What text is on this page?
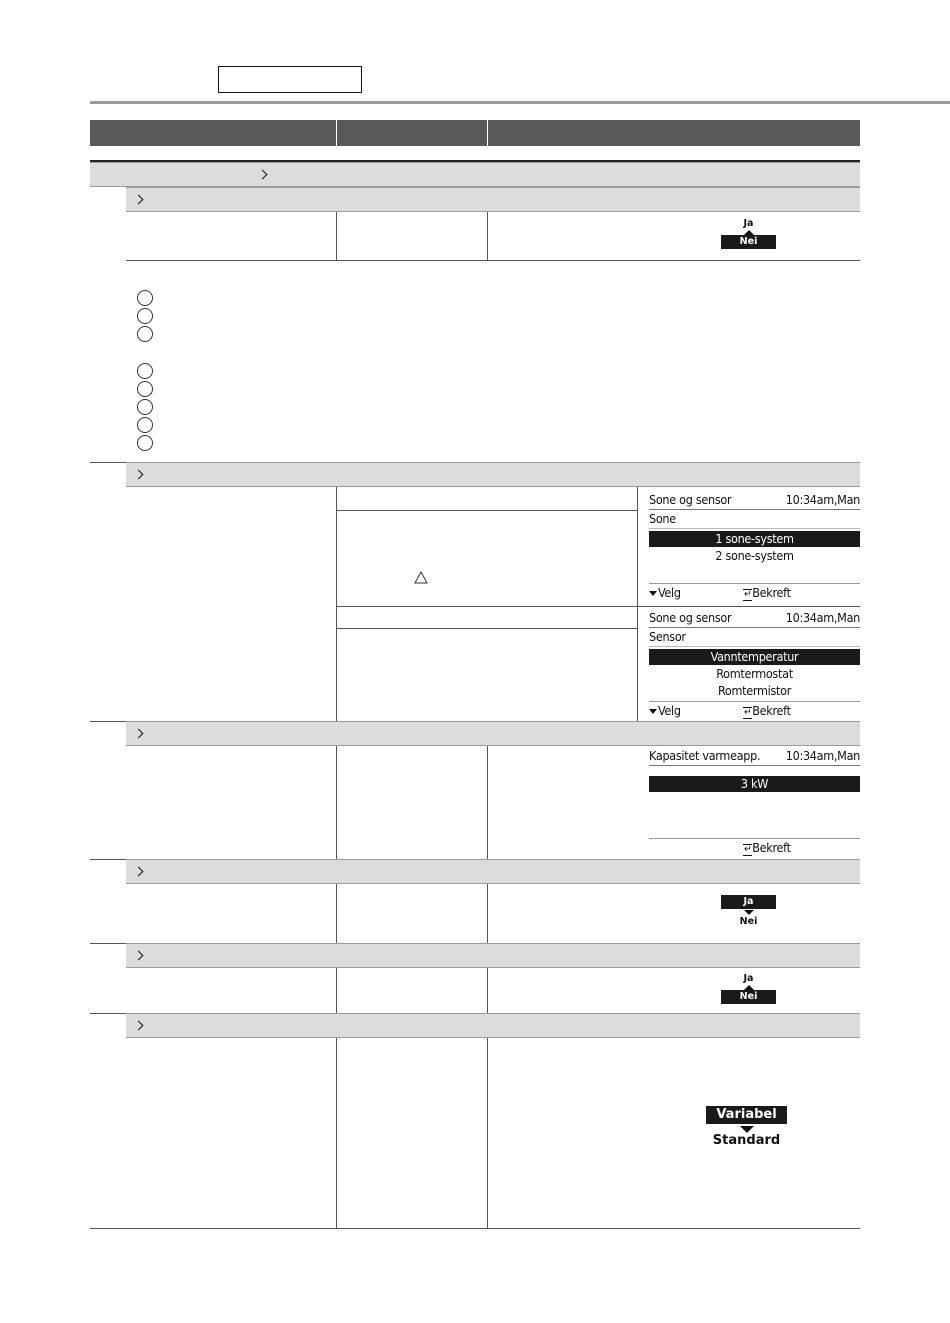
Ja
Nei
Sone og sensor	10:34am,Man
Sone
1 sone-system
2 sone-system
Velg	↵Bekreft
Sone og sensor	10:34am,Man
Sensor
Vanntemperatur
Romtermostat
Romtermistor
Velg	↵Bekreft
Kapasitet varmeapp. 10:34am,Man
3 kW
↵Bekreft
Ja
Nei
Ja
Nei
Variabel
Standard
